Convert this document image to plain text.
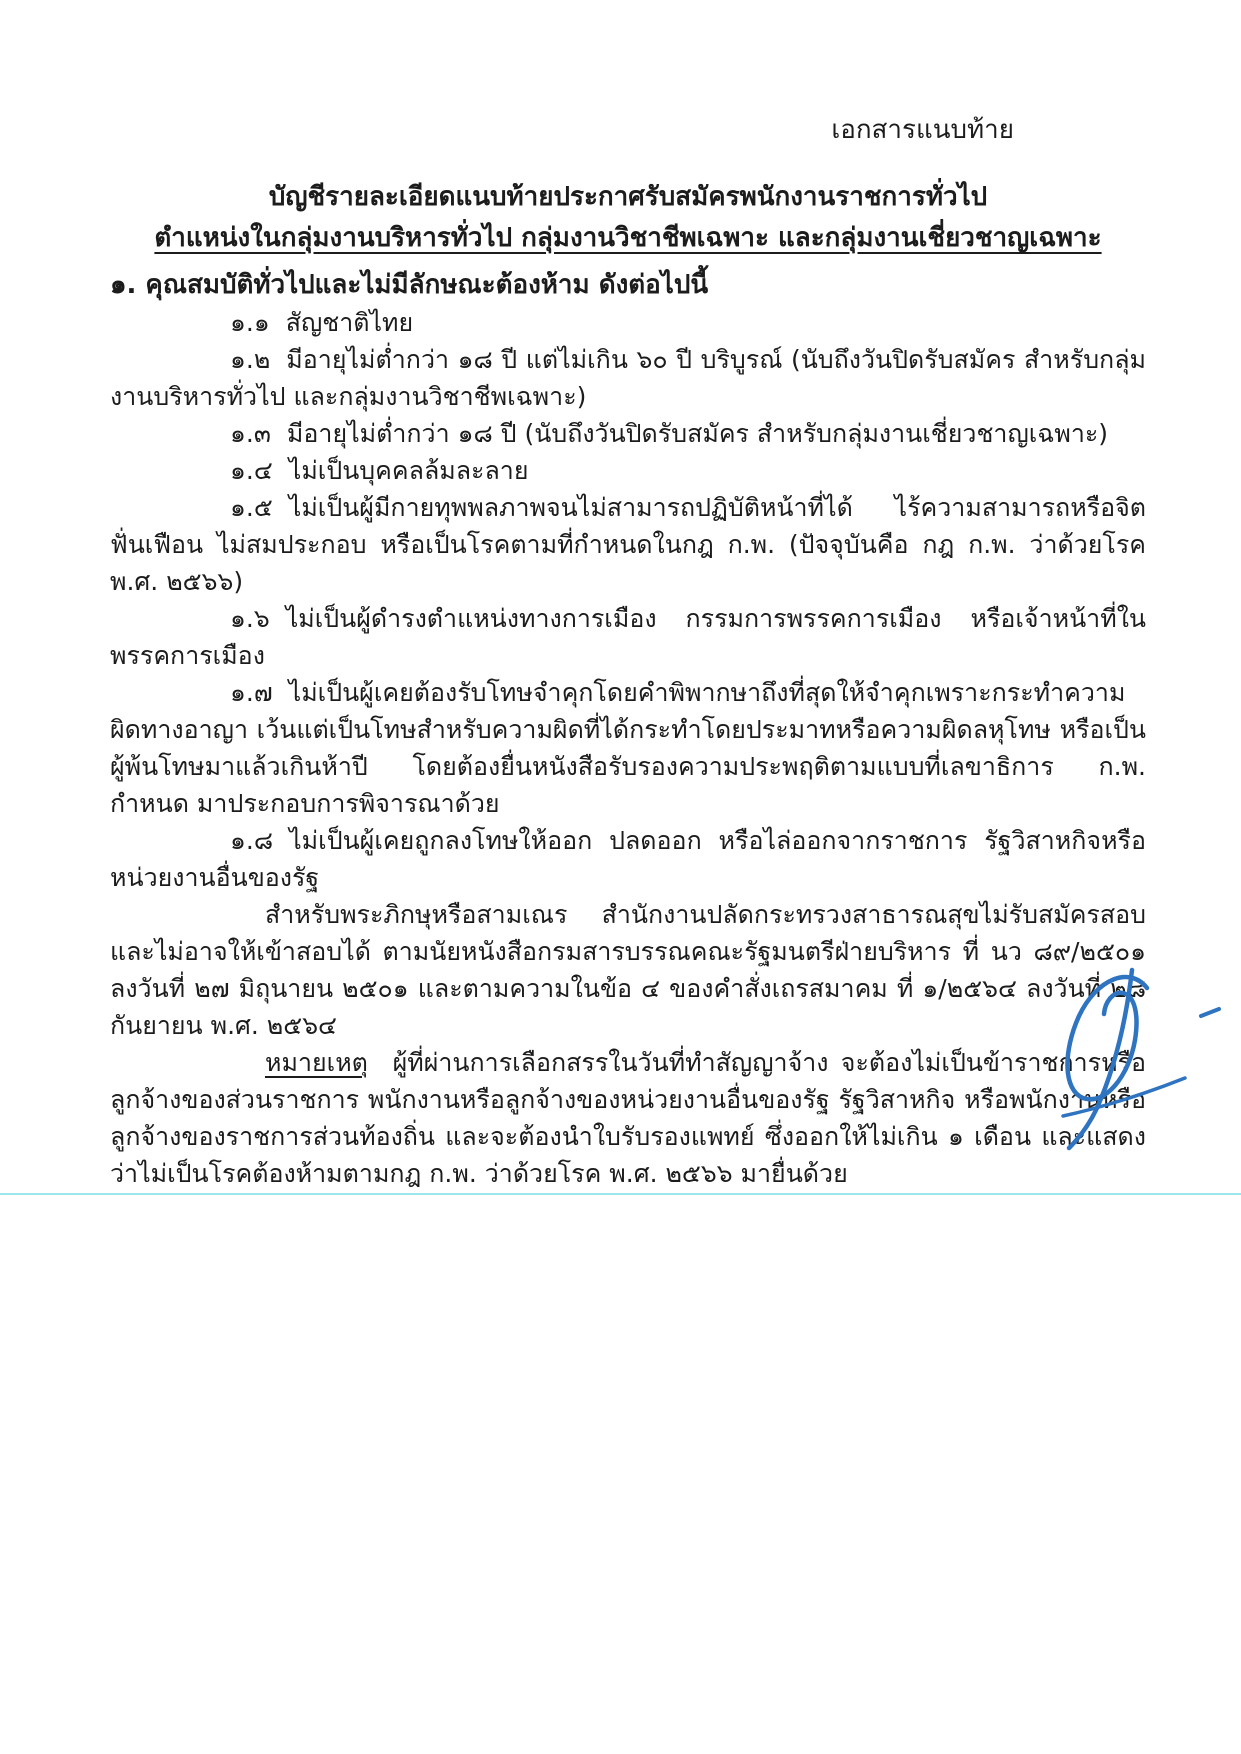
เอกสารแนบท้าย
บัญชีรายละเอียดแนบท้ายประกาศรับสมัครพนักงานราชการทั่วไป
ตำแหน่งในกลุ่มงานบริหารทั่วไป กลุ่มงานวิชาชีพเฉพาะ และกลุ่มงานเชี่ยวชาญเฉพาะ
๑. คุณสมบัติทั่วไปและไม่มีลักษณะต้องห้าม ดังต่อไปนี้

๑.๑ สัญชาติไทย

๑.๒ มีอายุไม่ต่ำกว่า ๑๘ ปี แต่ไม่เกิน ๖๐ ปี บริบูรณ์ (นับถึงวันปิดรับสมัคร สำหรับกลุ่มงานบริหารทั่วไป และกลุ่มงานวิชาชีพเฉพาะ)

๑.๓ มีอายุไม่ต่ำกว่า ๑๘ ปี (นับถึงวันปิดรับสมัคร สำหรับกลุ่มงานเชี่ยวชาญเฉพาะ)

๑.๔ ไม่เป็นบุคคลล้มละลาย

๑.๕ ไม่เป็นผู้มีกายทุพพลภาพจนไม่สามารถปฏิบัติหน้าที่ได้ ไร้ความสามารถหรือจิตฟั่นเฟือน ไม่สมประกอบ หรือเป็นโรคตามที่กำหนดในกฎ ก.พ. (ปัจจุบันคือ กฎ ก.พ. ว่าด้วยโรค พ.ศ. ๒๕๖๖)

๑.๖ ไม่เป็นผู้ดำรงตำแหน่งทางการเมือง กรรมการพรรคการเมือง หรือเจ้าหน้าที่ในพรรคการเมือง

๑.๗ ไม่เป็นผู้เคยต้องรับโทษจำคุกโดยคำพิพากษาถึงที่สุดให้จำคุกเพราะกระทำความผิดทางอาญา เว้นแต่เป็นโทษสำหรับความผิดที่ได้กระทำโดยประมาทหรือความผิดลหุโทษ หรือเป็นผู้พ้นโทษมาแล้วเกินห้าปี โดยต้องยื่นหนังสือรับรองความประพฤติตามแบบที่เลขาธิการ ก.พ. กำหนด มาประกอบการพิจารณาด้วย

๑.๘ ไม่เป็นผู้เคยถูกลงโทษให้ออก ปลดออก หรือไล่ออกจากราชการ รัฐวิสาหกิจหรือหน่วยงานอื่นของรัฐ

สำหรับพระภิกษุหรือสามเณร สำนักงานปลัดกระทรวงสาธารณสุขไม่รับสมัครสอบและไม่อาจให้เข้าสอบได้ ตามนัยหนังสือกรมสารบรรณคณะรัฐมนตรีฝ่ายบริหาร ที่ นว ๘๙/๒๕๐๑ ลงวันที่ ๒๗ มิถุนายน ๒๕๐๑ และตามความในข้อ ๔ ของคำสั่งเถรสมาคม ที่ ๑/๒๕๖๔ ลงวันที่ ๒๘ กันยายน พ.ศ. ๒๕๖๔

หมายเหตุ ผู้ที่ผ่านการเลือกสรรในวันที่ทำสัญญาจ้าง จะต้องไม่เป็นข้าราชการหรือลูกจ้างของส่วนราชการ พนักงานหรือลูกจ้างของหน่วยงานอื่นของรัฐ รัฐวิสาหกิจ หรือพนักงานหรือลูกจ้างของราชการส่วนท้องถิ่น และจะต้องนำใบรับรองแพทย์ ซึ่งออกให้ไม่เกิน ๑ เดือน และแสดงว่าไม่เป็นโรคต้องห้ามตามกฎ ก.พ. ว่าด้วยโรค พ.ศ. ๒๕๖๖ มายื่นด้วย
